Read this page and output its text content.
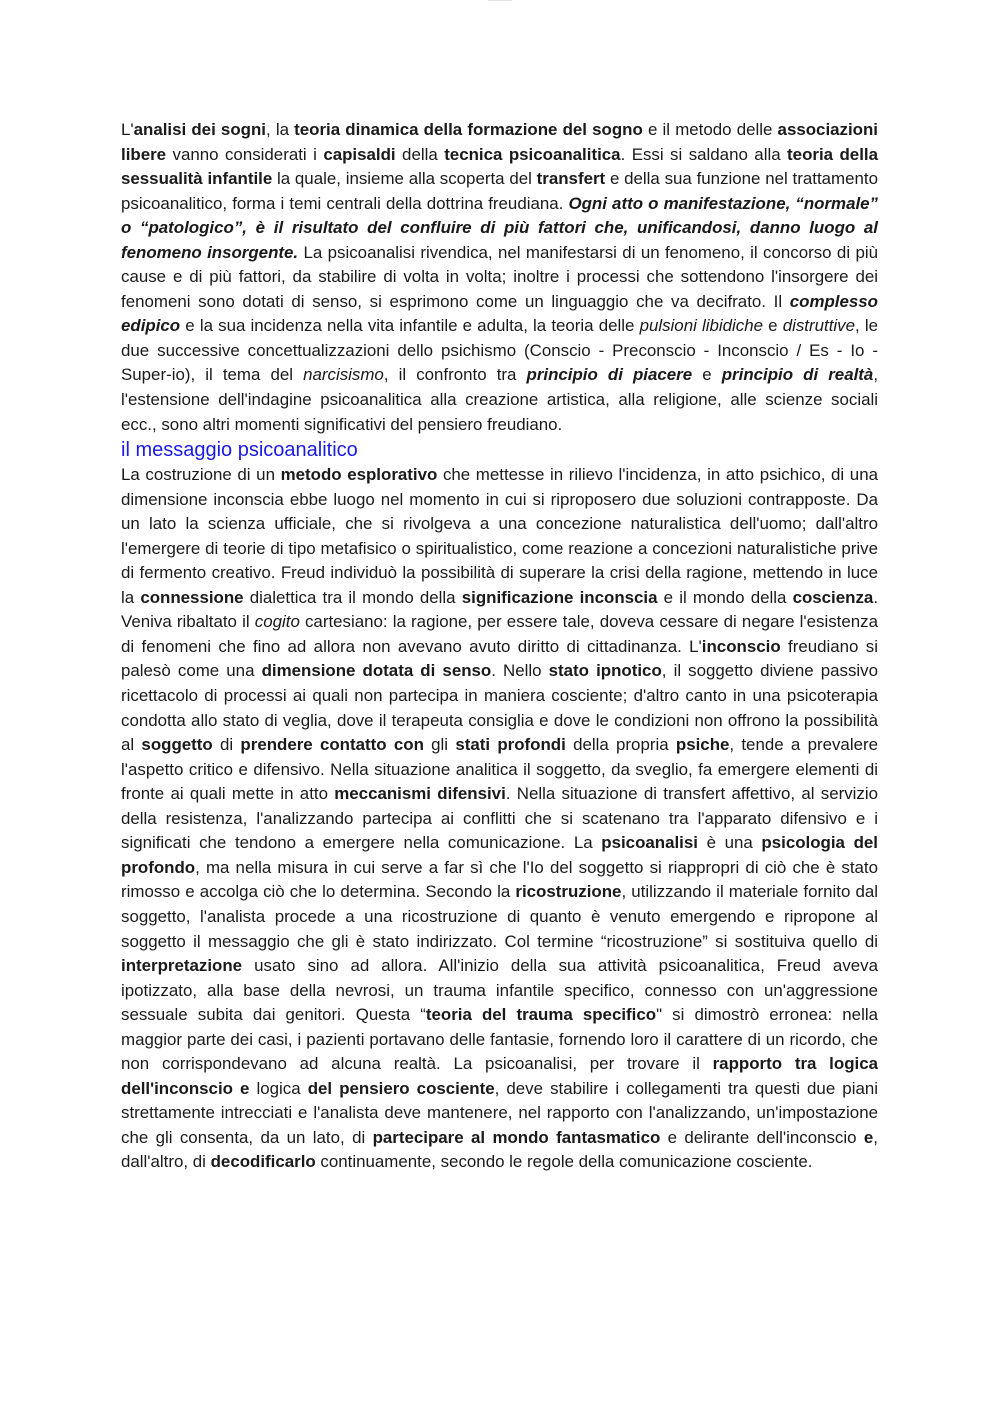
L'analisi dei sogni, la teoria dinamica della formazione del sogno e il metodo delle associazioni libere vanno considerati i capisaldi della tecnica psicoanalitica. Essi si saldano alla teoria della sessualità infantile la quale, insieme alla scoperta del transfert e della sua funzione nel trattamento psicoanalitico, forma i temi centrali della dottrina freudiana. Ogni atto o manifestazione, “normale” o “patologico”, è il risultato del confluire di più fattori che, unificandosi, danno luogo al fenomeno insorgente. La psicoanalisi rivendica, nel manifestarsi di un fenomeno, il concorso di più cause e di più fattori, da stabilire di volta in volta; inoltre i processi che sottendono l'insorgere dei fenomeni sono dotati di senso, si esprimono come un linguaggio che va decifrato. Il complesso edipico e la sua incidenza nella vita infantile e adulta, la teoria delle pulsioni libidiche e distruttive, le due successive concettualizzazioni dello psichismo (Conscio - Preconscio - Inconscio / Es - Io - Super-io), il tema del narcisismo, il confronto tra principio di piacere e principio di realtà, l'estensione dell'indagine psicoanalitica alla creazione artistica, alla religione, alle scienze sociali ecc., sono altri momenti significativi del pensiero freudiano.

il messaggio psicoanalitico

La costruzione di un metodo esplorativo che mettesse in rilievo l'incidenza, in atto psichico, di una dimensione inconscia ebbe luogo nel momento in cui si riproposero due soluzioni contrapposte. Da un lato la scienza ufficiale, che si rivolgeva a una concezione naturalistica dell'uomo; dall'altro l'emergere di teorie di tipo metafisico o spiritualistico, come reazione a concezioni naturalistiche prive di fermento creativo. Freud individuò la possibilità di superare la crisi della ragione, mettendo in luce la connessione dialettica tra il mondo della significazione inconscia e il mondo della coscienza. Veniva ribaltato il cogito cartesiano: la ragione, per essere tale, doveva cessare di negare l'esistenza di fenomeni che fino ad allora non avevano avuto diritto di cittadinanza. L'inconscio freudiano si palesò come una dimensione dotata di senso. Nello stato ipnotico, il soggetto diviene passivo ricettacolo di processi ai quali non partecipa in maniera cosciente; d'altro canto in una psicoterapia condotta allo stato di veglia, dove il terapeuta consiglia e dove le condizioni non offrono la possibilità al soggetto di prendere contatto con gli stati profondi della propria psiche, tende a prevalere l'aspetto critico e difensivo. Nella situazione analitica il soggetto, da sveglio, fa emergere elementi di fronte ai quali mette in atto meccanismi difensivi. Nella situazione di transfert affettivo, al servizio della resistenza, l'analizzando partecipa ai conflitti che si scatenano tra l'apparato difensivo e i significati che tendono a emergere nella comunicazione. La psicoanalisi è una psicologia del profondo, ma nella misura in cui serve a far sì che l'Io del soggetto si riappropri di ciò che è stato rimosso e accolga ciò che lo determina. Secondo la ricostruzione, utilizzando il materiale fornito dal soggetto, l'analista procede a una ricostruzione di quanto è venuto emergendo e ripropone al soggetto il messaggio che gli è stato indirizzato. Col termine “ricostruzione” si sostituiva quello di interpretazione usato sino ad allora. All'inizio della sua attività psicoanalitica, Freud aveva ipotizzato, alla base della nevrosi, un trauma infantile specifico, connesso con un'aggressione sessuale subita dai genitori. Questa “teoria del trauma specifico" si dimostrò erronea: nella maggior parte dei casi, i pazienti portavano delle fantasie, fornendo loro il carattere di un ricordo, che non corrispondevano ad alcuna realtà. La psicoanalisi, per trovare il rapporto tra logica dell'inconscio e logica del pensiero cosciente, deve stabilire i collegamenti tra questi due piani strettamente intrecciati e l'analista deve mantenere, nel rapporto con l'analizzando, un'impostazione che gli consenta, da un lato, di partecipare al mondo fantasmatico e delirante dell'inconscio e, dall'altro, di decodificarlo continuamente, secondo le regole della comunicazione cosciente.
